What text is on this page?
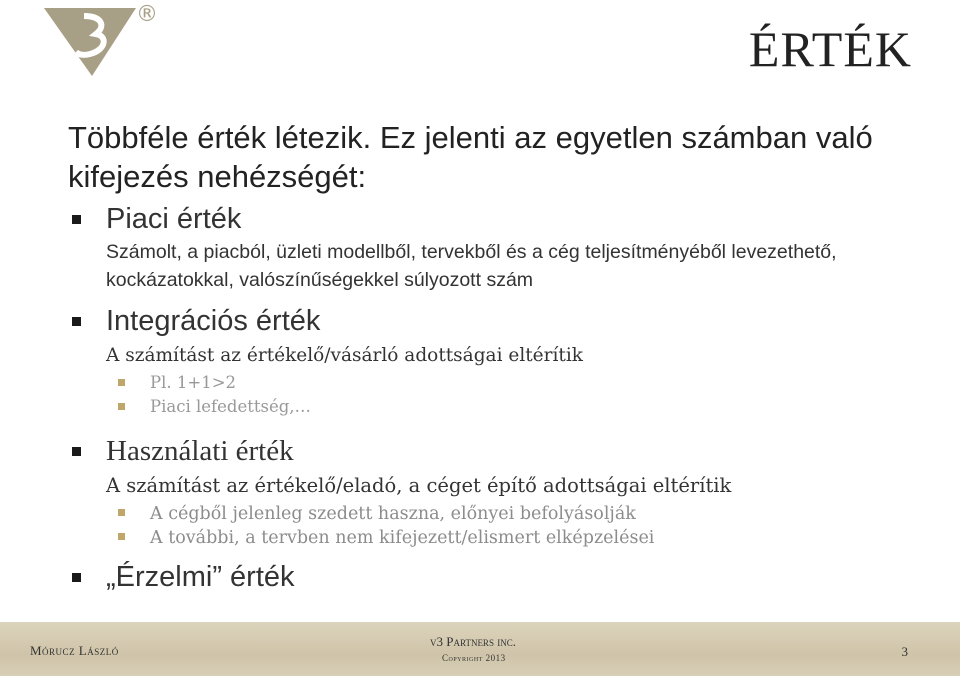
®
ÉRTÉK
Többféle érték létezik. Ez jelenti az egyetlen számban való kifejezés nehézségét:
Piaci érték
Számolt, a piacból, üzleti modellből, tervekből és a cég teljesítményéből levezethető, kockázatokkal, valószínűségekkel súlyozott szám
Integrációs érték
A számítást az értékelő/vásárló adottságai eltérítik
Pl. 1+1>2
Piaci lefedettség,…
Használati érték
A számítást az értékelő/eladó, a céget építő adottságai eltérítik
A cégből jelenleg szedett haszna, előnyei befolyásolják
A további, a tervben nem kifejezett/elismert elképzelései
„Érzelmi” érték
Mórucz László
v3 Partners inc.
Copyright 2013	3
